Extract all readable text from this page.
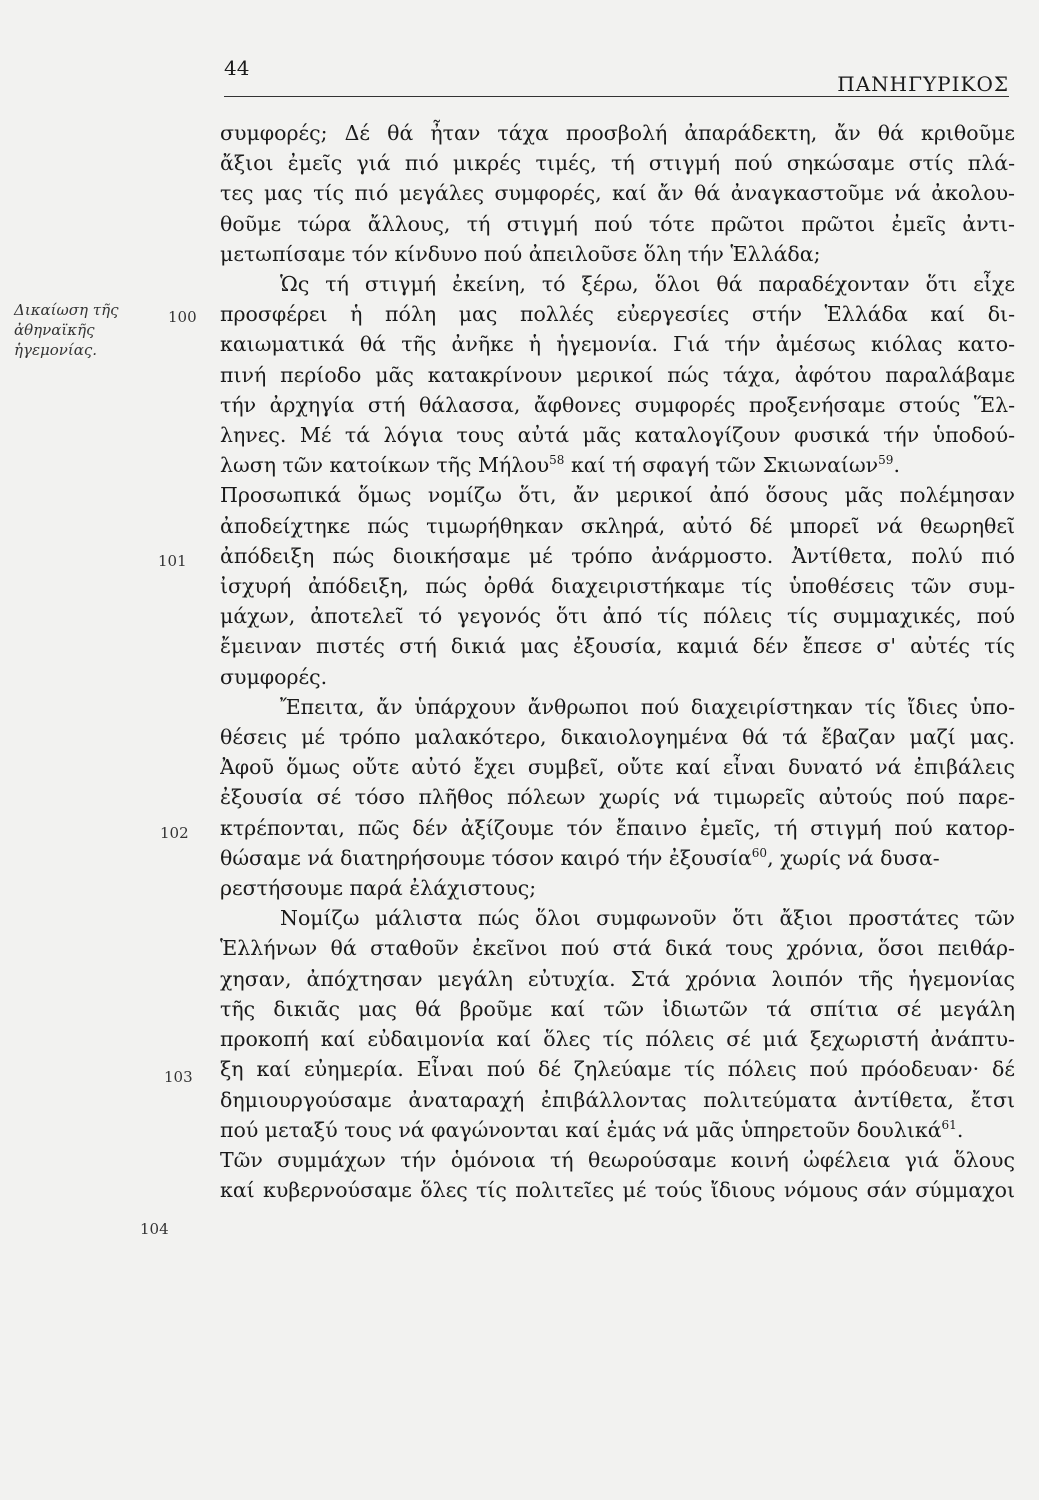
44
ΠΑΝΗΓΥΡΙΚΟΣ
Δικαίωση τῆς
ἀθηναϊκῆς
ἡγεμονίας.
100
101
102
103
104
συμφορές; Δέ θά ἦταν τάχα προσβολή ἀπαράδεκτη, ἄν θά κριθοῦμε
ἄξιοι ἐμεῖς γιά πιό μικρές τιμές, τή στιγμή πού σηκώσαμε στίς πλά-
τες μας τίς πιό μεγάλες συμφορές, καί ἄν θά ἀναγκαστοῦμε νά ἀκολου-
θοῦμε τώρα ἄλλους, τή στιγμή πού τότε πρῶτοι πρῶτοι ἐμεῖς ἀντι-
μετωπίσαμε τόν κίνδυνο πού ἀπειλοῦσε ὅλη τήν Ἑλλάδα;
Ὡς τή στιγμή ἐκείνη, τό ξέρω, ὅλοι θά παραδέχονταν ὅτι εἶχε
προσφέρει ἡ πόλη μας πολλές εὐεργεσίες στήν Ἑλλάδα καί δι-
καιωματικά θά τῆς ἀνῆκε ἡ ἡγεμονία. Γιά τήν ἀμέσως κιόλας κατο-
πινή περίοδο μᾶς κατακρίνουν μερικοί πώς τάχα, ἀφότου παραλάβαμε
τήν ἀρχηγία στή θάλασσα, ἄφθονες συμφορές προξενήσαμε στούς Ἕλ-
ληνες. Μέ τά λόγια τους αὐτά μᾶς καταλογίζουν φυσικά τήν ὑποδού-
λωση τῶν κατοίκων τῆς Μήλου$^{58}$ καί τή σφαγή τῶν Σκιωναίων$^{59}$.
Προσωπικά ὅμως νομίζω ὅτι, ἄν μερικοί ἀπό ὅσους μᾶς πολέμησαν
ἀποδείχτηκε πώς τιμωρήθηκαν σκληρά, αὐτό δέ μπορεῖ νά θεωρηθεῖ
ἀπόδειξη πώς διοικήσαμε μέ τρόπο ἀνάρμοστο. Ἀντίθετα, πολύ πιό
ἰσχυρή ἀπόδειξη, πώς ὀρθά διαχειριστήκαμε τίς ὑποθέσεις τῶν συμ-
μάχων, ἀποτελεῖ τό γεγονός ὅτι ἀπό τίς πόλεις τίς συμμαχικές, πού
ἔμειναν πιστές στή δικιά μας ἐξουσία, καμιά δέν ἔπεσε σ' αὐτές τίς
συμφορές.
Ἔπειτα, ἄν ὑπάρχουν ἄνθρωποι πού διαχειρίστηκαν τίς ἴδιες ὑπο-
θέσεις μέ τρόπο μαλακότερο, δικαιολογημένα θά τά ἔβαζαν μαζί μας.
Ἀφοῦ ὅμως οὔτε αὐτό ἔχει συμβεῖ, οὔτε καί εἶναι δυνατό νά ἐπιβάλεις
ἐξουσία σέ τόσο πλῆθος πόλεων χωρίς νά τιμωρεῖς αὐτούς πού παρε-
κτρέπονται, πῶς δέν ἀξίζουμε τόν ἔπαινο ἐμεῖς, τή στιγμή πού κατορ-
θώσαμε νά διατηρήσουμε τόσον καιρό τήν ἐξουσία$^{60}$, χωρίς νά δυσα-
ρεστήσουμε παρά ἐλάχιστους;
Νομίζω μάλιστα πώς ὅλοι συμφωνοῦν ὅτι ἄξιοι προστάτες τῶν
Ἑλλήνων θά σταθοῦν ἐκεῖνοι πού στά δικά τους χρόνια, ὅσοι πειθάρ-
χησαν, ἀπόχτησαν μεγάλη εὐτυχία. Στά χρόνια λοιπόν τῆς ἡγεμονίας
τῆς δικιᾶς μας θά βροῦμε καί τῶν ἰδιωτῶν τά σπίτια σέ μεγάλη
προκοπή καί εὐδαιμονία καί ὅλες τίς πόλεις σέ μιά ξεχωριστή ἀνάπτυ-
ξη καί εὐημερία. Εἶναι πού δέ ζηλεύαμε τίς πόλεις πού πρόοδευαν· δέ
δημιουργούσαμε ἀναταραχή ἐπιβάλλοντας πολιτεύματα ἀντίθετα, ἔτσι
πού μεταξύ τους νά φαγώνονται καί ἐμάς νά μᾶς ὑπηρετοῦν δουλικά$^{61}$.
Τῶν συμμάχων τήν ὁμόνοια τή θεωρούσαμε κοινή ὠφέλεια γιά ὅλους
καί κυβερνούσαμε ὅλες τίς πολιτεῖες μέ τούς ἴδιους νόμους σάν σύμμαχοι
